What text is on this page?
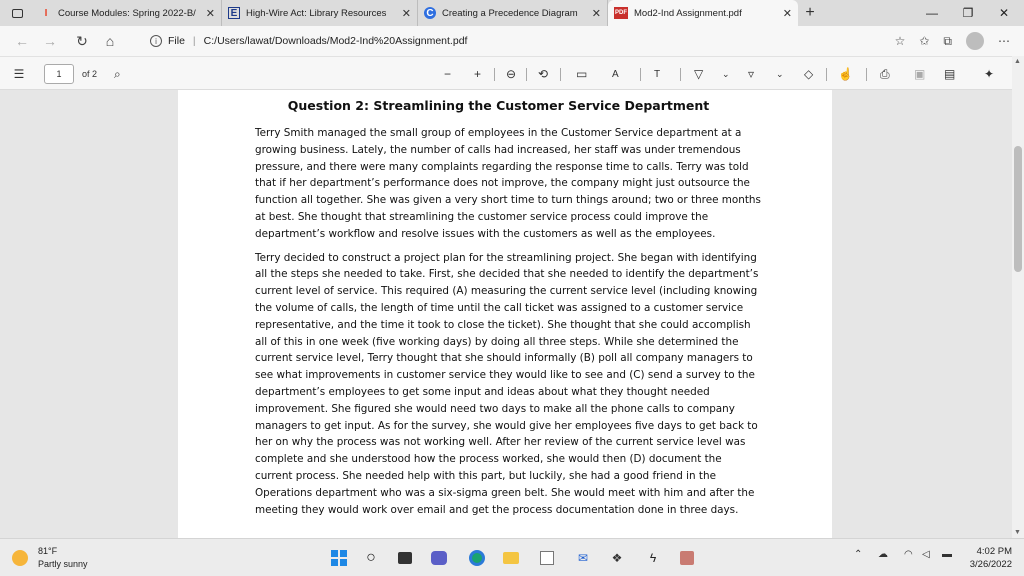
I	Course Modules: Spring 2022-B/ ✕ E High-Wire Act: Library Resources	✕ C Creating a Precedence Diagram	✕ PDF Mod2-Ind Assignment.pdf	✕ +	—	❐	✕
← → ↻ ⌂	i	File | C:/Users/lawat/Downloads/Mod2-Ind%20Assignment.pdf	☆ ✩ ⧉	⋯
☰	1	of 2 ⌕	− + ⊖ ⟲ ▭ A	T	▽ ⌄ ▿ ⌄ ◇ ☝ ⎙ ▣ ▤ ✦
Question 2: Streamlining the Customer Service Department

Terry Smith managed the small group of employees in the Customer Service department at a growing business. Lately, the number of calls had increased, her staff was under tremendous pressure, and there were many complaints regarding the response time to calls. Terry was told that if her department’s performance does not improve, the company might just outsource the function all together. She was given a very short time to turn things around; two or three months at best. She thought that streamlining the customer service process could improve the department’s workflow and resolve issues with the customers as well as the employees.

Terry decided to construct a project plan for the streamlining project. She began with identifying all the steps she needed to take. First, she decided that she needed to identify the department’s current level of service. This required (A) measuring the current service level (including knowing the volume of calls, the length of time until the call ticket was assigned to a customer service representative, and the time it took to close the ticket). She thought that she could accomplish all of this in one week (five working days) by doing all three steps. While she determined the current service level, Terry thought that she should informally (B) poll all company managers to see what improvements in customer service they would like to see and (C) send a survey to the department’s employees to get some input and ideas about what they thought needed improvement. She figured she would need two days to make all the phone calls to company managers to get input. As for the survey, she would give her employees five days to get back to her on why the process was not working well. After her review of the current service level was complete and she understood how the process worked, she would then (D) document the current process. She needed help with this part, but luckily, she had a good friend in the Operations department who was a six-sigma green belt. She would meet with him and after the meeting they would work over email and get the process documentation done in three days.

▲
▼
81°F
Partly sunny	○	✉	❖	ϟ	⌃ ☁ ◠ ◁ ▬	4:02 PM
3/26/2022
